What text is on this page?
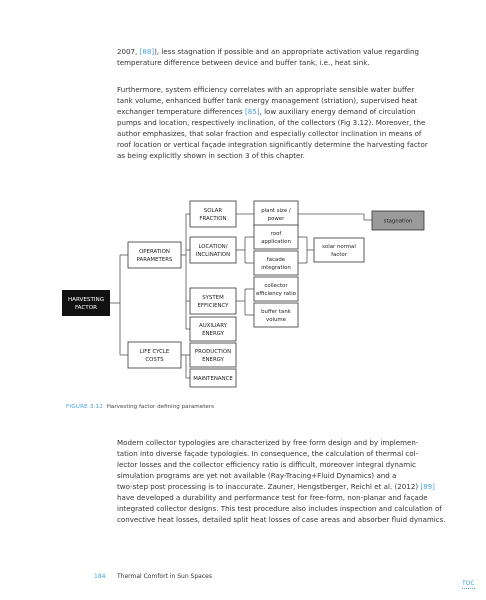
2007, [88]), less stagnation if possible and an appropriate activation value regarding
temperature difference between device and buffer tank, i.e., heat sink.
Furthermore, system efficiency correlates with an appropriate sensible water buffer
tank volume, enhanced buffer tank energy management (striation), supervised heat
exchanger temperature differences [85], low auxiliary energy demand of circulation
pumps and location, respectively inclination, of the collectors (Fig 3.12). Moreover, the
author emphasizes, that solar fraction and especially collector inclination in means of
roof location or vertical façade integration significantly determine the harvesting factor
as being explicitly shown in section 3 of this chapter.
HARVESTING FACTOR
OPERATION PARAMETERS
LIFE CYCLE COSTS
SOLAR FRACTION
LOCATION/ INCLINATION
SYSTEM EFFICIENCY
AUXILIARY ENERGY
PRODUCTION ENERGY
MAINTENANCE
plant size / power
roof application
facade integration
collector efficiency ratio
buffer tank volume
solar normal factor
stagnation
FIGURE 3.12 Harvesting factor defining parameters
Modern collector typologies are characterized by free form design and by implemen-
tation into diverse façade typologies. In consequence, the calculation of thermal col-
lector losses and the collector efficiency ratio is difficult, moreover integral dynamic
simulation programs are yet not available (Ray-Tracing+Fluid Dynamics) and a
two-step post processing is to inaccurate. Zauner, Hengstberger, Reichl et al. (2012) [89]
have developed a durability and performance test for free-form, non-planar and façade
integrated collector designs. This test procedure also includes inspection and calculation of
convective heat losses, detailed split heat losses of case areas and absorber fluid dynamics.
184 Thermal Comfort in Sun Spaces
TOC
